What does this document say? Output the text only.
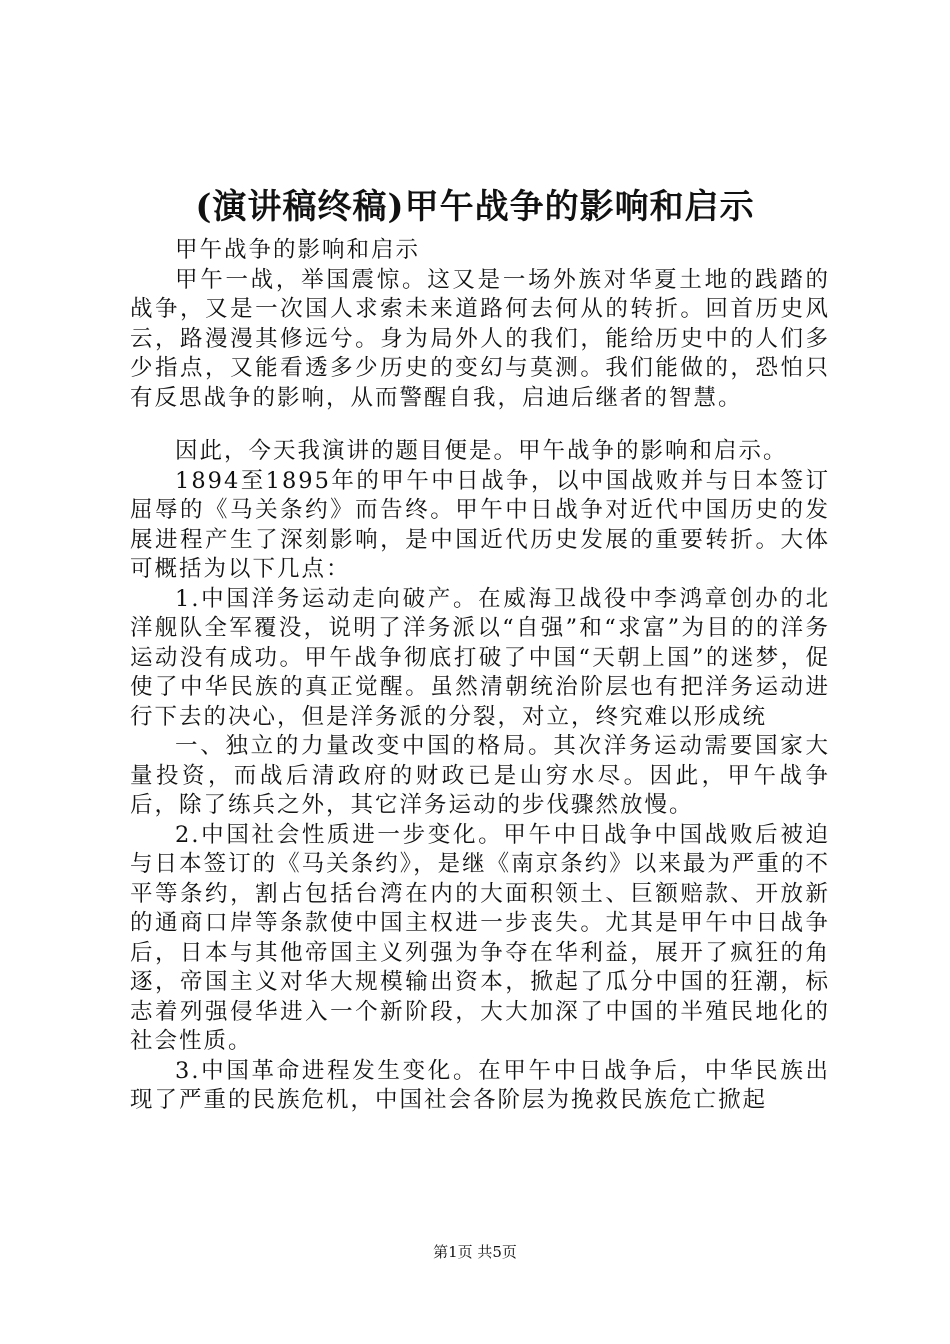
(演讲稿终稿)甲午战争的影响和启示

甲午战争的影响和启示

甲午一战，举国震惊。这又是一场外族对华夏土地的践踏的战争，又是一次国人求索未来道路何去何从的转折。回首历史风云，路漫漫其修远兮。身为局外人的我们，能给历史中的人们多少指点，又能看透多少历史的变幻与莫测。我们能做的，恐怕只有反思战争的影响，从而警醒自我，启迪后继者的智慧。

因此，今天我演讲的题目便是。甲午战争的影响和启示。

1894至1895年的甲午中日战争，以中国战败并与日本签订屈辱的《马关条约》而告终。甲午中日战争对近代中国历史的发展进程产生了深刻影响，是中国近代历史发展的重要转折。大体可概括为以下几点：

1.中国洋务运动走向破产。在威海卫战役中李鸿章创办的北洋舰队全军覆没，说明了洋务派以“自强”和“求富”为目的的洋务运动没有成功。甲午战争彻底打破了中国“天朝上国”的迷梦，促使了中华民族的真正觉醒。虽然清朝统治阶层也有把洋务运动进行下去的决心，但是洋务派的分裂，对立，终究难以形成统

一、独立的力量改变中国的格局。其次洋务运动需要国家大量投资，而战后清政府的财政已是山穷水尽。因此，甲午战争后，除了练兵之外，其它洋务运动的步伐骤然放慢。

2.中国社会性质进一步变化。甲午中日战争中国战败后被迫与日本签订的《马关条约》，是继《南京条约》以来最为严重的不平等条约，割占包括台湾在内的大面积领土、巨额赔款、开放新的通商口岸等条款使中国主权进一步丧失。尤其是甲午中日战争后，日本与其他帝国主义列强为争夺在华利益，展开了疯狂的角逐，帝国主义对华大规模输出资本，掀起了瓜分中国的狂潮，标志着列强侵华进入一个新阶段，大大加深了中国的半殖民地化的社会性质。

3.中国革命进程发生变化。在甲午中日战争后，中华民族出现了严重的民族危机，中国社会各阶层为挽救民族危亡掀起

第1页 共5页
